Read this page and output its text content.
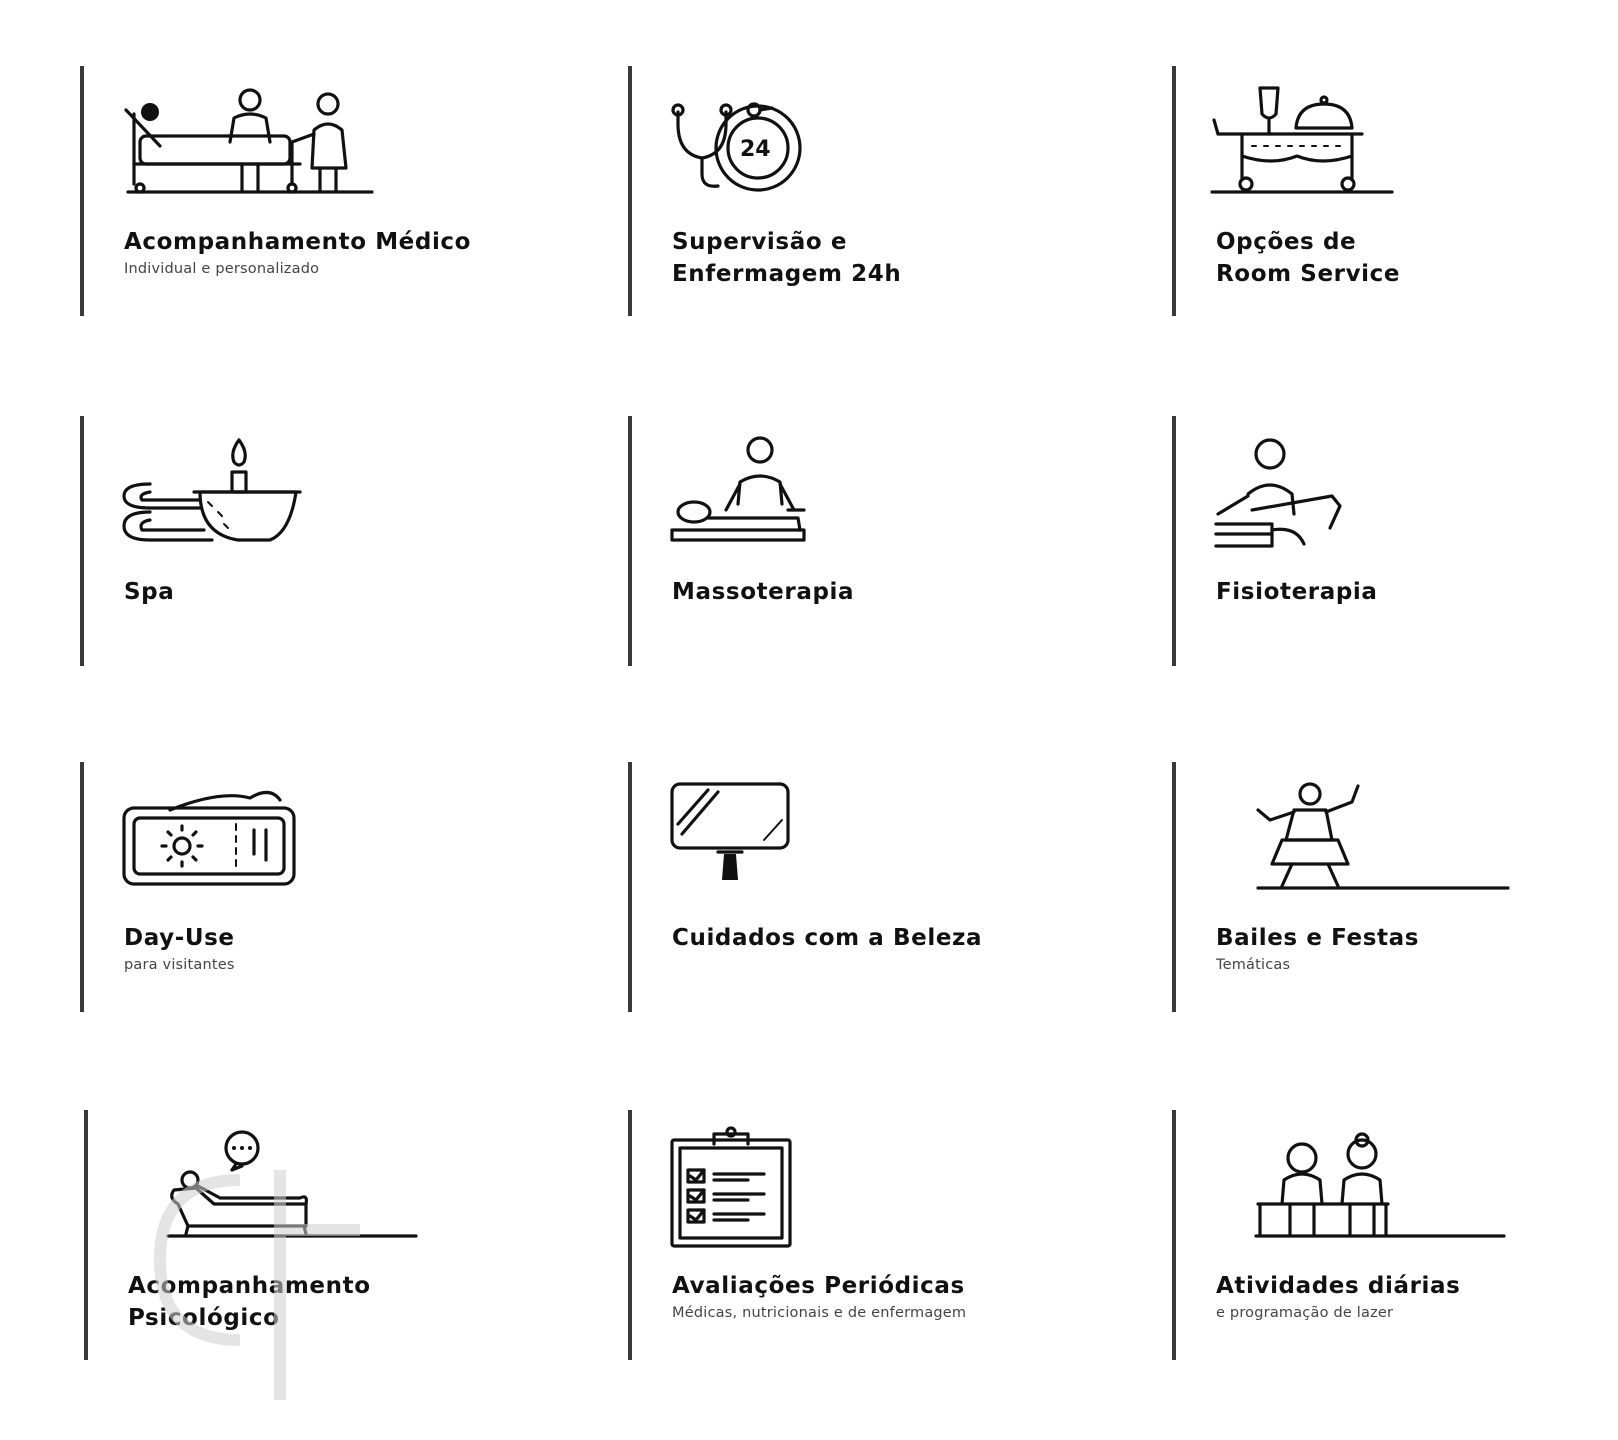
Acompanhamento Médico
Individual e personalizado
24
Supervisão e
Enfermagem 24h
Opções de
Room Service
Spa	Massoterapia	Fisioterapia
Day-Use
para visitantes
Cuidados com a Beleza	Bailes e Festas
Temáticas
Acompanhamento
Psicológico
Avaliações Periódicas
Médicas, nutricionais e de enfermagem
Atividades diárias
e programação de lazer
